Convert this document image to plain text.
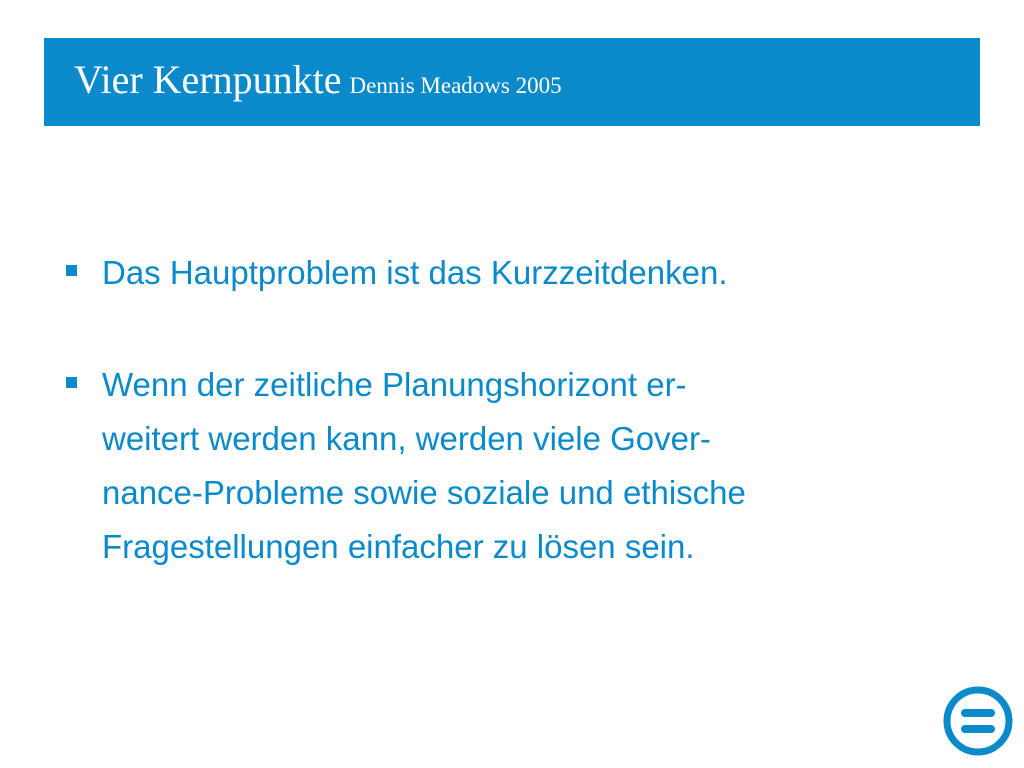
Vier Kernpunkte Dennis Meadows 2005
Das Hauptproblem ist das Kurzzeitdenken.
Wenn der zeitliche Planungshorizont er-
weitert werden kann, werden viele Gover-
nance-Probleme sowie soziale und ethische
Fragestellungen einfacher zu lösen sein.
